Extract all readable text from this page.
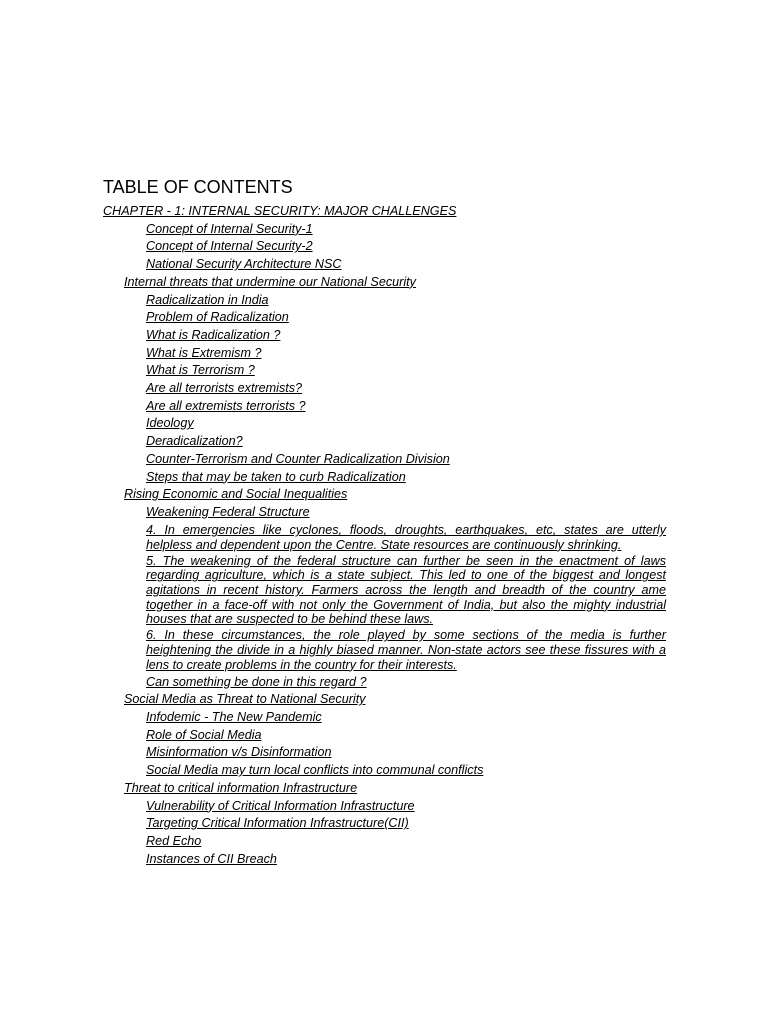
TABLE OF CONTENTS
CHAPTER - 1: INTERNAL SECURITY: MAJOR CHALLENGES
Concept of Internal Security-1
Concept of Internal Security-2
National Security Architecture NSC
Internal threats that undermine our National Security
Radicalization in India
Problem of Radicalization
What is Radicalization ?
What is Extremism ?
What is Terrorism ?
Are all terrorists extremists?
Are all extremists terrorists ?
Ideology
Deradicalization?
Counter-Terrorism and Counter Radicalization Division
Steps that may be taken to curb Radicalization
Rising Economic and Social Inequalities
Weakening Federal Structure
4. In emergencies like cyclones, floods, droughts, earthquakes, etc, states are utterly helpless and dependent upon the Centre. State resources are continuously shrinking.
5. The weakening of the federal structure can further be seen in the enactment of laws regarding agriculture, which is a state subject. This led to one of the biggest and longest agitations in recent history. Farmers across the length and breadth of the country ame together in a face-off with not only the Government of India, but also the mighty industrial houses that are suspected to be behind these laws.
6. In these circumstances, the role played by some sections of the media is further heightening the divide in a highly biased manner. Non-state actors see these fissures with a lens to create problems in the country for their interests.
Can something be done in this regard ?
Social Media as Threat to National Security
Infodemic - The New Pandemic
Role of Social Media
Misinformation v/s Disinformation
Social Media may turn local conflicts into communal conflicts
Threat to critical information Infrastructure
Vulnerability of Critical Information Infrastructure
Targeting Critical Information Infrastructure(CII)
Red Echo
Instances of CII Breach
